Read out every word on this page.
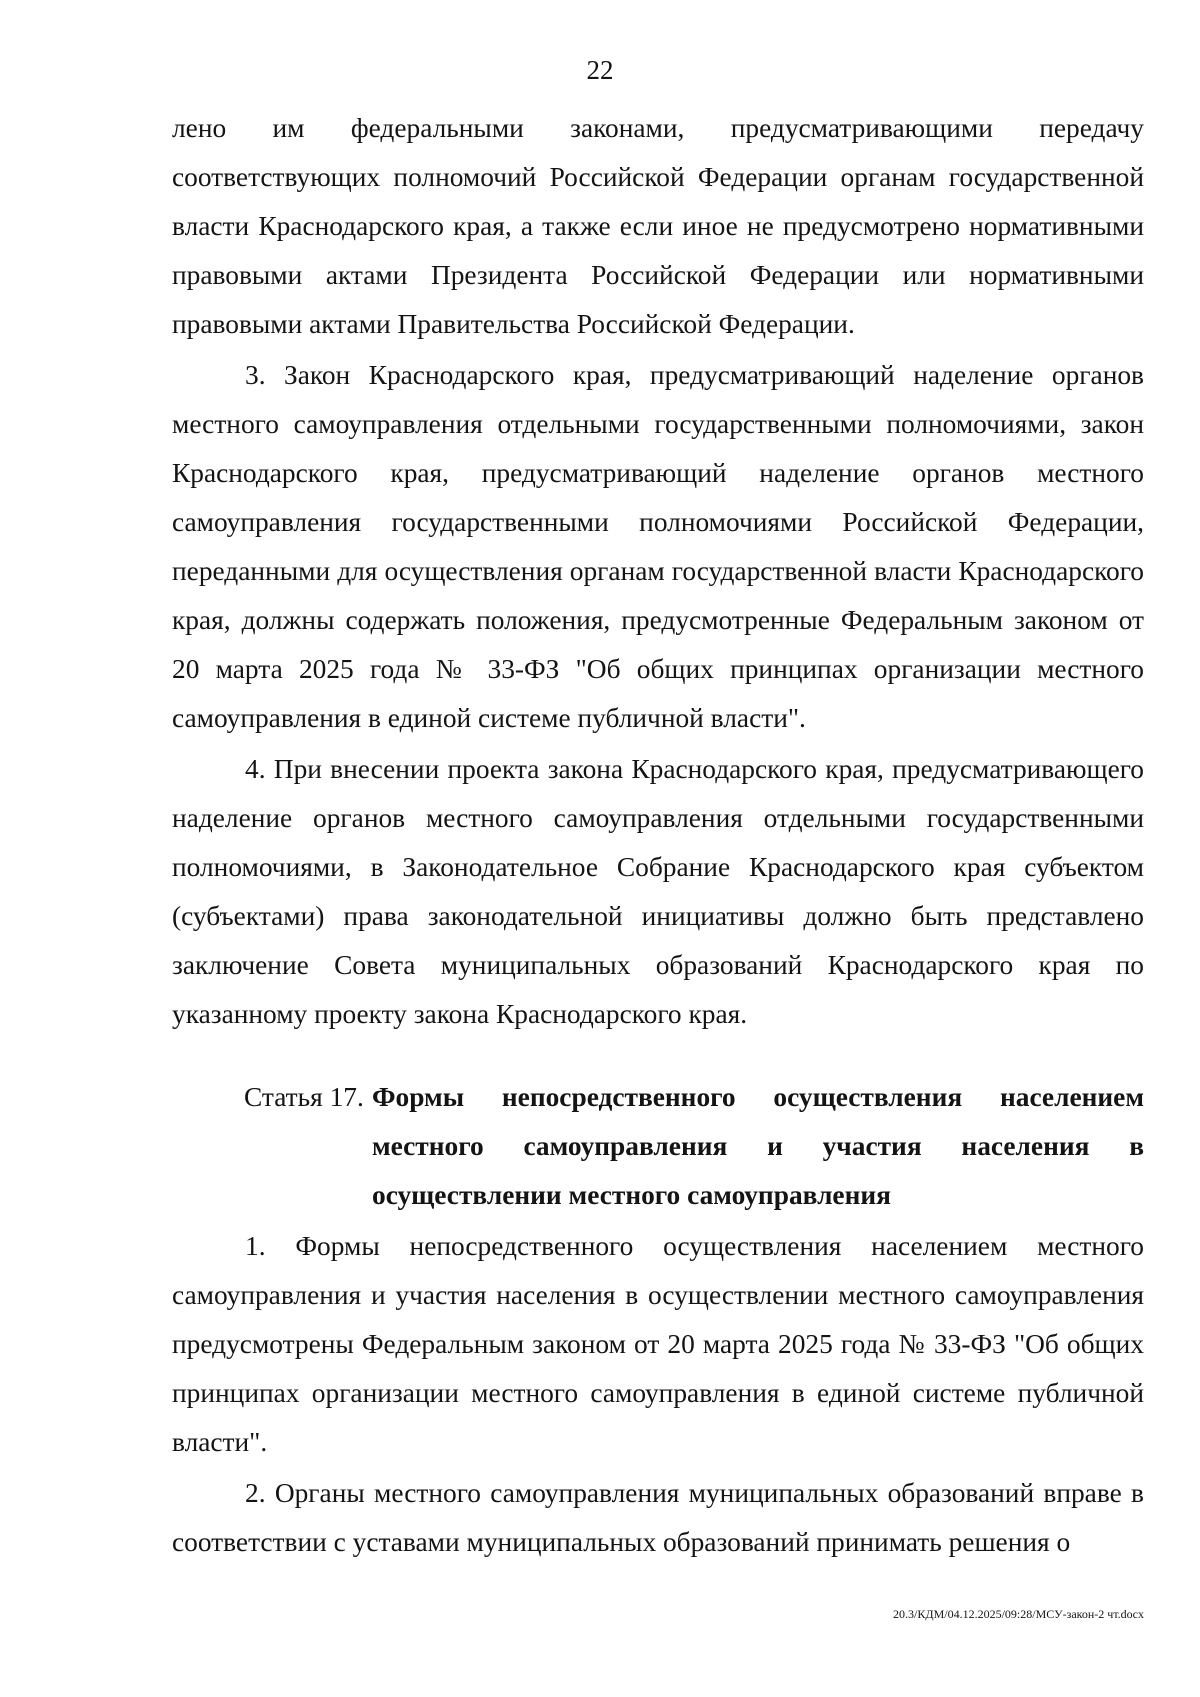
22

лено им федеральными законами, предусматривающими передачу соответствующих полномочий Российской Федерации органам государственной власти Краснодарского края, а также если иное не предусмотрено нормативными правовыми актами Президента Российской Федерации или нормативными правовыми актами Правительства Российской Федерации.

3. Закон Краснодарского края, предусматривающий наделение органов местного самоуправления отдельными государственными полномочиями, закон Краснодарского края, предусматривающий наделение органов местного самоуправления государственными полномочиями Российской Федерации, переданными для осуществления органам государственной власти Краснодарского края, должны содержать положения, предусмотренные Федеральным законом от 20 марта 2025 года № 33-ФЗ "Об общих принципах организации местного самоуправления в единой системе публичной власти".

4. При внесении проекта закона Краснодарского края, предусматривающего наделение органов местного самоуправления отдельными государственными полномочиями, в Законодательное Собрание Краснодарского края субъектом (субъектами) права законодательной инициативы должно быть представлено заключение Совета муниципальных образований Краснодарского края по указанному проекту закона Краснодарского края.

Статья 17. Формы непосредственного осуществления населением местного самоуправления и участия населения в осуществлении местного самоуправления

1. Формы непосредственного осуществления населением местного самоуправления и участия населения в осуществлении местного самоуправления предусмотрены Федеральным законом от 20 марта 2025 года № 33-ФЗ "Об общих принципах организации местного самоуправления в единой системе публичной власти".

2. Органы местного самоуправления муниципальных образований вправе в соответствии с уставами муниципальных образований принимать решения о

20.3/КДМ/04.12.2025/09:28/МСУ-закон-2 чт.docx
